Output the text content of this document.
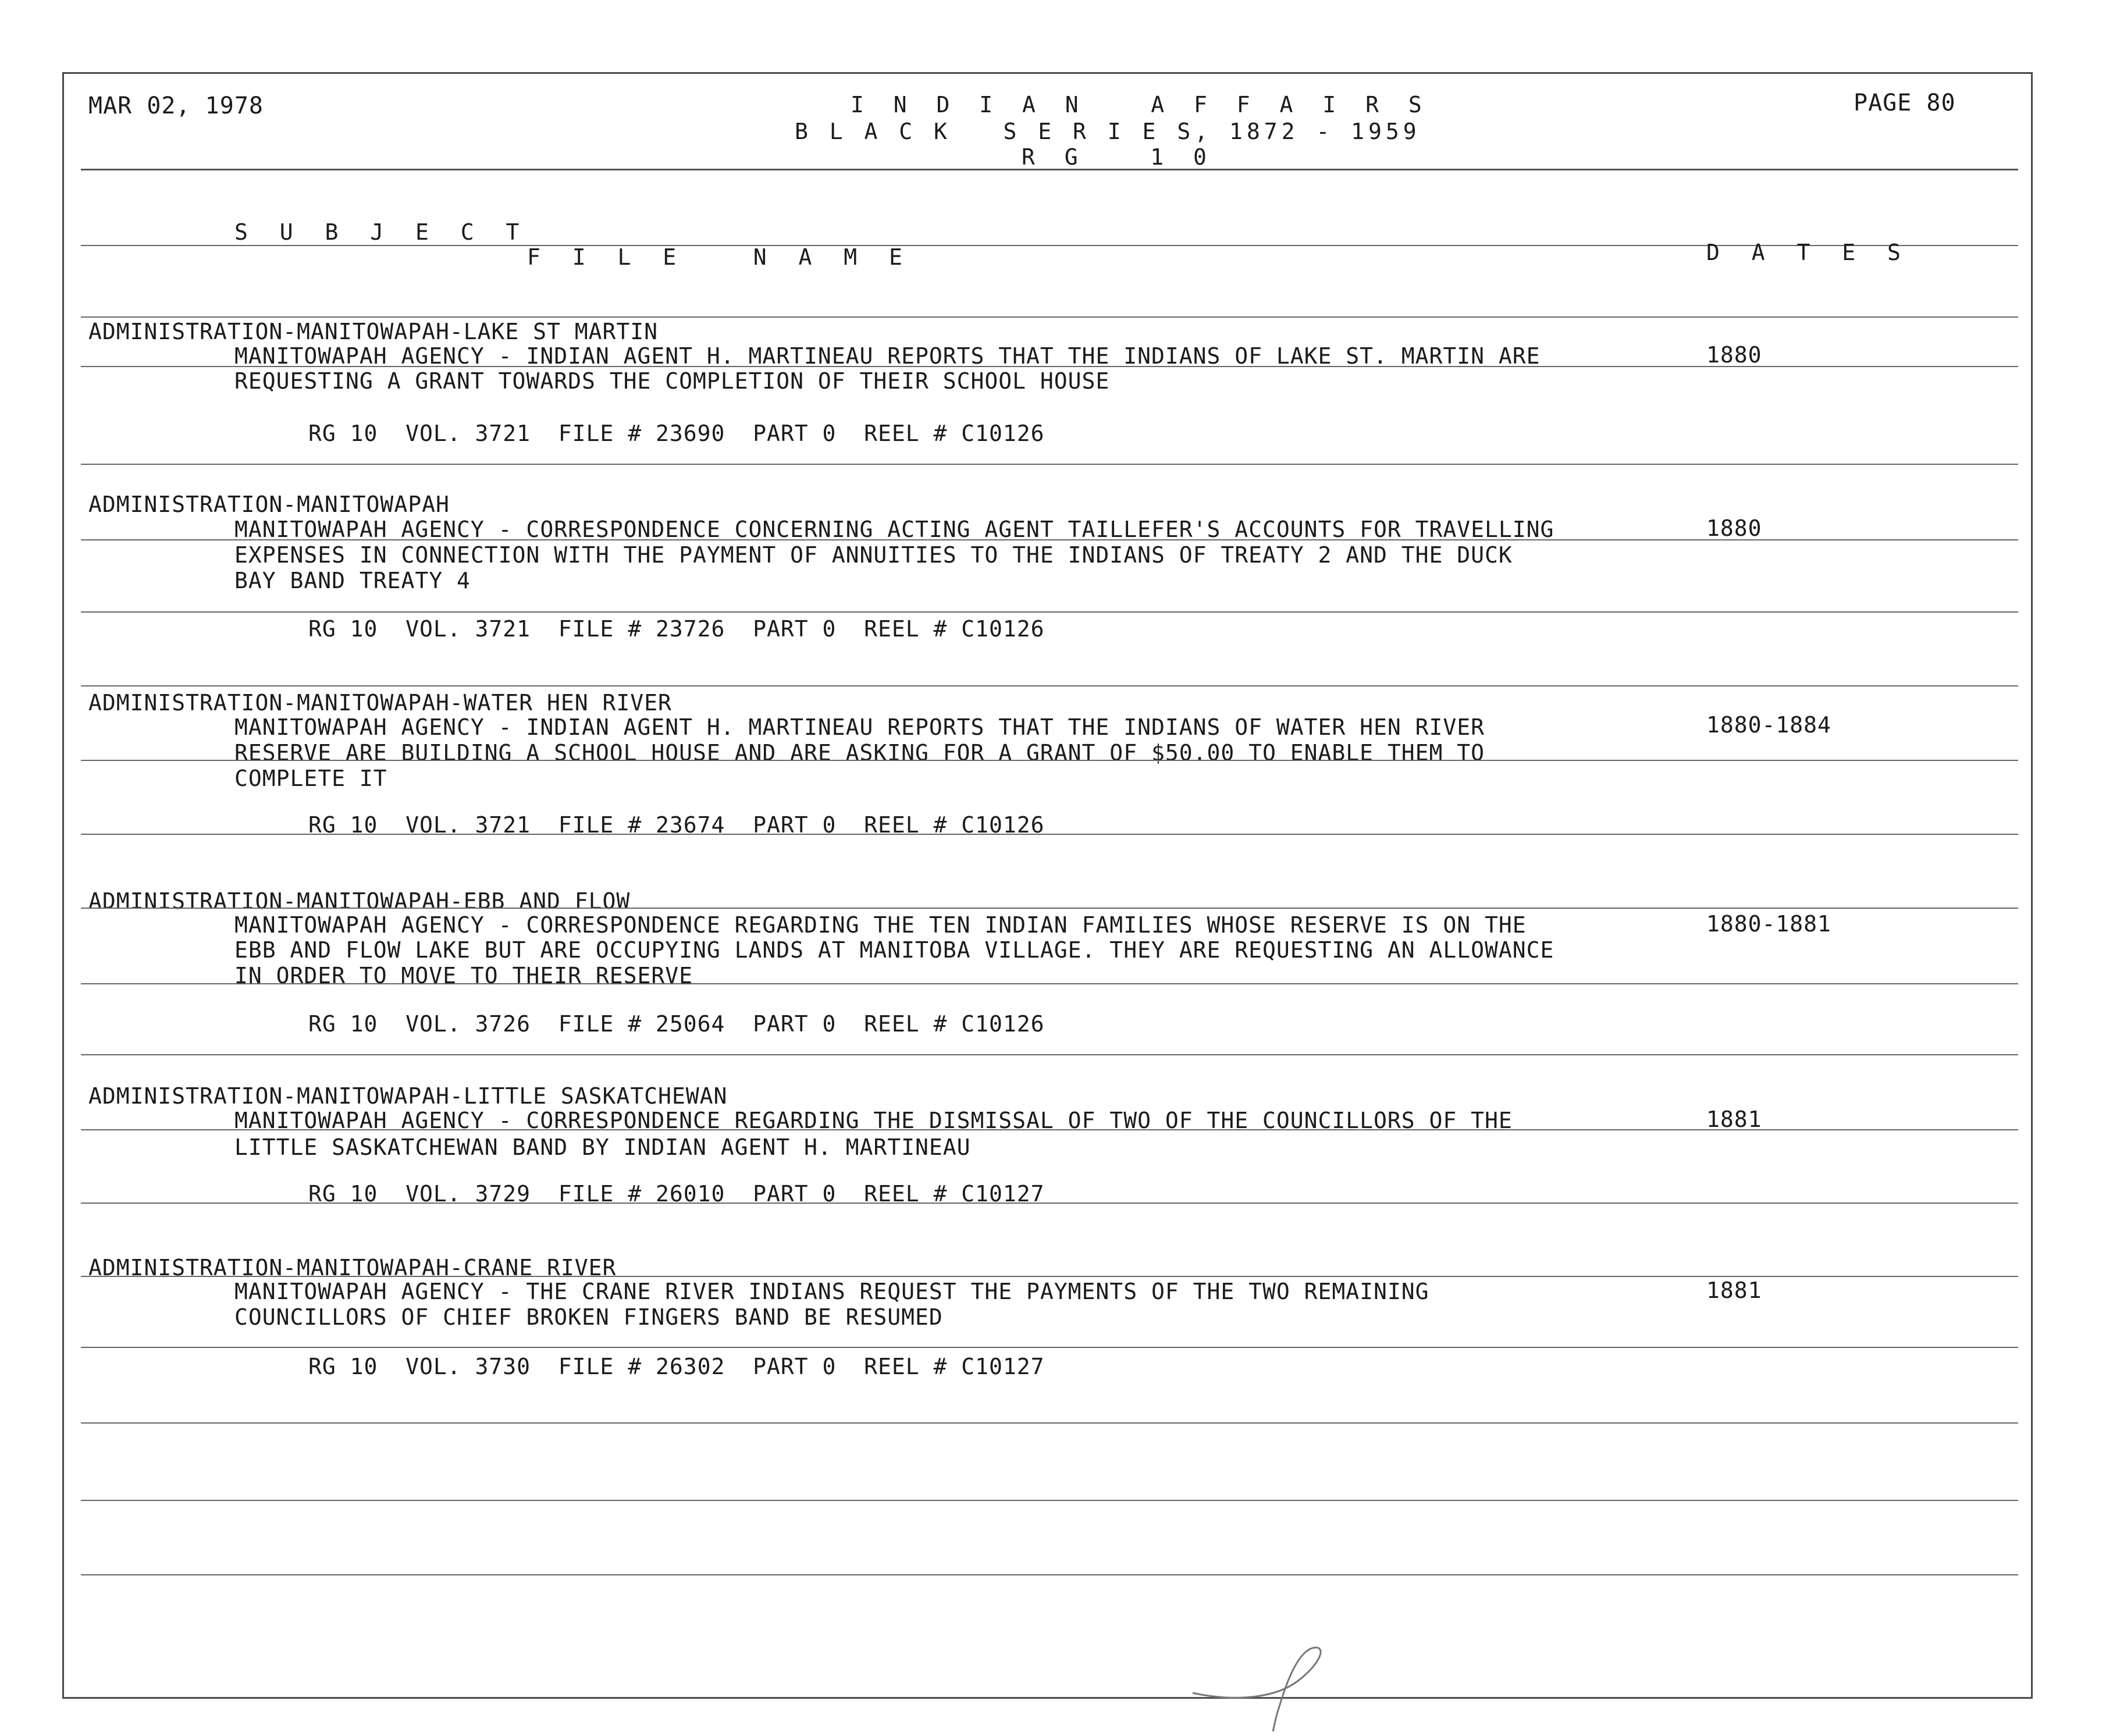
MAR 02, 1978	I N D I A N   A F F A I R S
B L A C K   S E R I E S, 1872 - 1959
R G   1 0
PAGE 80
S U B J E C T
F I L E   N A M E	D A T E S
ADMINISTRATION-MANITOWAPAH-LAKE ST MARTIN
MANITOWAPAH AGENCY - INDIAN AGENT H. MARTINEAU REPORTS THAT THE INDIANS OF LAKE ST. MARTIN ARE	1880
REQUESTING A GRANT TOWARDS THE COMPLETION OF THEIR SCHOOL HOUSE
RG 10  VOL. 3721  FILE # 23690  PART 0  REEL # C10126
ADMINISTRATION-MANITOWAPAH
MANITOWAPAH AGENCY - CORRESPONDENCE CONCERNING ACTING AGENT TAILLEFER'S ACCOUNTS FOR TRAVELLING	1880
EXPENSES IN CONNECTION WITH THE PAYMENT OF ANNUITIES TO THE INDIANS OF TREATY 2 AND THE DUCK
BAY BAND TREATY 4
RG 10  VOL. 3721  FILE # 23726  PART 0  REEL # C10126
ADMINISTRATION-MANITOWAPAH-WATER HEN RIVER
MANITOWAPAH AGENCY - INDIAN AGENT H. MARTINEAU REPORTS THAT THE INDIANS OF WATER HEN RIVER	1880-1884
RESERVE ARE BUILDING A SCHOOL HOUSE AND ARE ASKING FOR A GRANT OF $50.00 TO ENABLE THEM TO
COMPLETE IT
RG 10  VOL. 3721  FILE # 23674  PART 0  REEL # C10126
ADMINISTRATION-MANITOWAPAH-EBB AND FLOW
MANITOWAPAH AGENCY - CORRESPONDENCE REGARDING THE TEN INDIAN FAMILIES WHOSE RESERVE IS ON THE	1880-1881
EBB AND FLOW LAKE BUT ARE OCCUPYING LANDS AT MANITOBA VILLAGE. THEY ARE REQUESTING AN ALLOWANCE
IN ORDER TO MOVE TO THEIR RESERVE
RG 10  VOL. 3726  FILE # 25064  PART 0  REEL # C10126
ADMINISTRATION-MANITOWAPAH-LITTLE SASKATCHEWAN
MANITOWAPAH AGENCY - CORRESPONDENCE REGARDING THE DISMISSAL OF TWO OF THE COUNCILLORS OF THE	1881
LITTLE SASKATCHEWAN BAND BY INDIAN AGENT H. MARTINEAU
RG 10  VOL. 3729  FILE # 26010  PART 0  REEL # C10127
ADMINISTRATION-MANITOWAPAH-CRANE RIVER
MANITOWAPAH AGENCY - THE CRANE RIVER INDIANS REQUEST THE PAYMENTS OF THE TWO REMAINING	1881
COUNCILLORS OF CHIEF BROKEN FINGERS BAND BE RESUMED
RG 10  VOL. 3730  FILE # 26302  PART 0  REEL # C10127
